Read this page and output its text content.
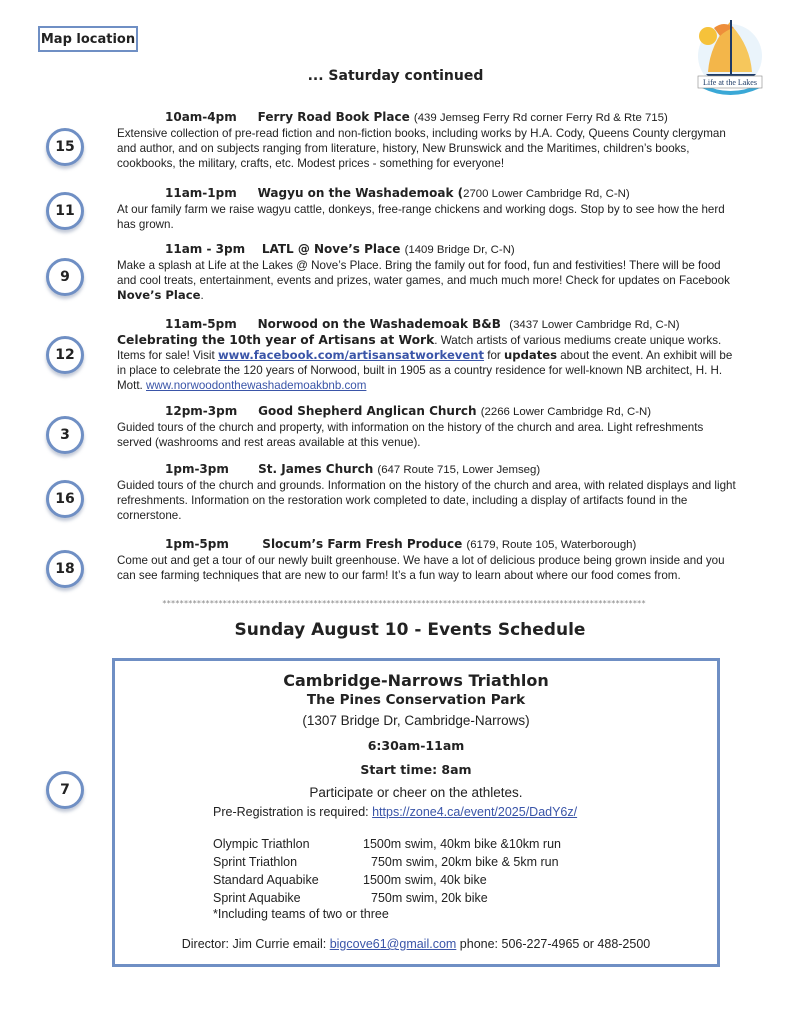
Map location
Life at the Lakes
... Saturday continued
15
10am-4pm Ferry Road Book Place (439 Jemseg Ferry Rd corner Ferry Rd & Rte 715)
Extensive collection of pre-read fiction and non-fiction books, including works by H.A. Cody, Queens County clergyman and author, and on subjects ranging from literature, history, New Brunswick and the Maritimes, children’s books, cookbooks, the military, crafts, etc. Modest prices - something for everyone!
11
11am-1pm Wagyu on the Washademoak (2700 Lower Cambridge Rd, C-N)
At our family farm we raise wagyu cattle, donkeys, free-range chickens and working dogs. Stop by to see how the herd has grown.
9
11am - 3pm LATL @ Nove’s Place (1409 Bridge Dr, C-N)
Make a splash at Life at the Lakes @ Nove’s Place. Bring the family out for food, fun and festivities! There will be food and cool treats, entertainment, events and prizes, water games, and much much more! Check for updates on Facebook Nove’s Place.
12
11am-5pm Norwood on the Washademoak B&B (3437 Lower Cambridge Rd, C-N)
Celebrating the 10th year of Artisans at Work. Watch artists of various mediums create unique works. Items for sale! Visit www.facebook.com/artisansatworkevent for updates about the event. An exhibit will be in place to celebrate the 120 years of Norwood, built in 1905 as a country residence for well-known NB architect, H. H. Mott. www.norwoodonthewashademoakbnb.com
3
12pm-3pm Good Shepherd Anglican Church (2266 Lower Cambridge Rd, C-N)
Guided tours of the church and property, with information on the history of the church and area. Light refreshments served (washrooms and rest areas available at this venue).
16
1pm-3pm St. James Church (647 Route 715, Lower Jemseg)
Guided tours of the church and grounds. Information on the history of the church and area, with related displays and light refreshments. Information on the restoration work completed to date, including a display of artifacts found in the cornerstone.
18
1pm-5pm	Slocum’s Farm Fresh Produce (6179, Route 105, Waterborough)
Come out and get a tour of our newly built greenhouse. We have a lot of delicious produce being grown inside and you can see farming techniques that are new to our farm! It’s a fun way to learn about where our food comes from.
****************************************************************************************************************
Sunday August 10 - Events Schedule
7
Cambridge-Narrows Triathlon
The Pines Conservation Park
(1307 Bridge Dr, Cambridge-Narrows)
6:30am-11am
Start time: 8am
Participate or cheer on the athletes.
Pre-Registration is required: https://zone4.ca/event/2025/DadY6z/
Olympic Triathlon	1500m swim, 40km bike &10km run
Sprint Triathlon	750m swim, 20km bike & 5km run
Standard Aquabike	1500m swim, 40k bike
Sprint Aquabike	750m swim, 20k bike
*Including teams of two or three
Director: Jim Currie email: bigcove61@gmail.com phone: 506-227-4965 or 488-2500
